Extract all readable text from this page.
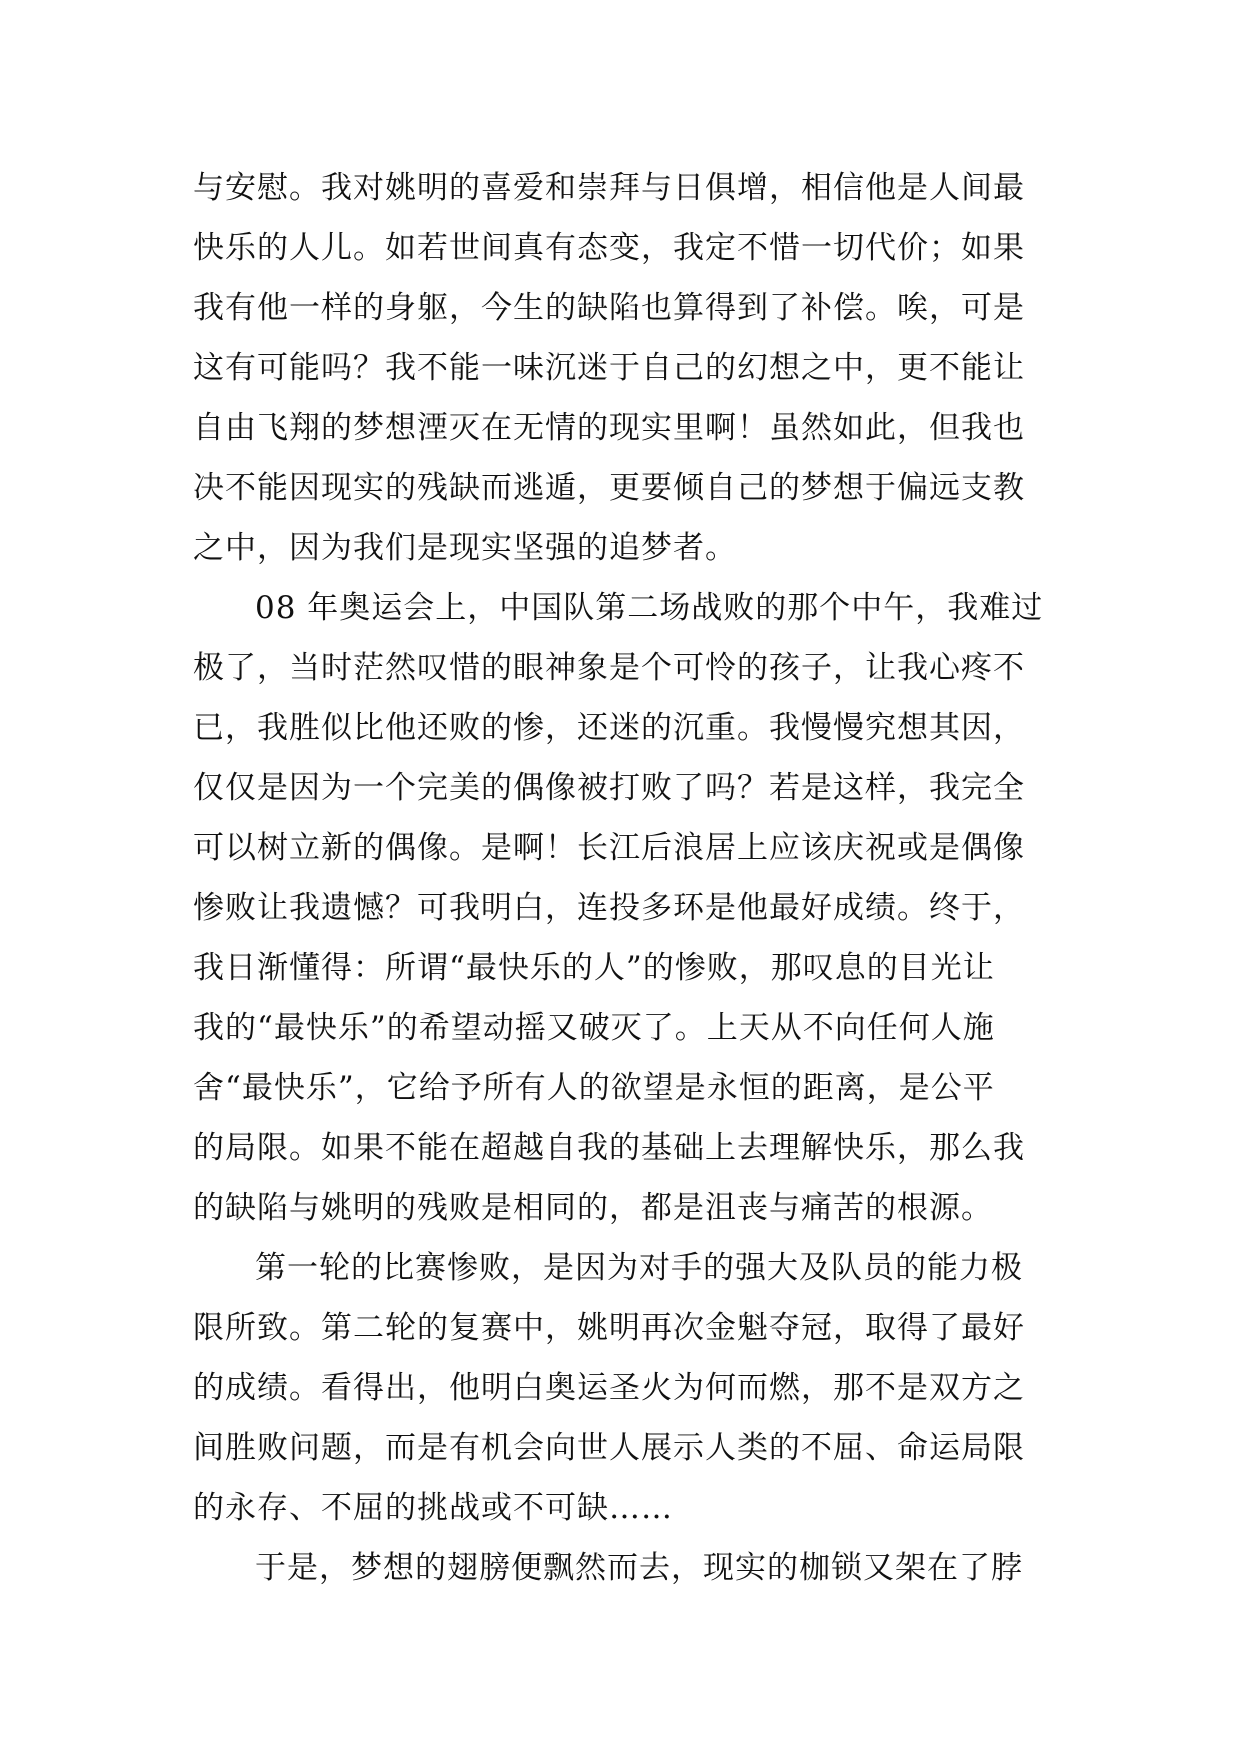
与安慰。我对姚明的喜爱和崇拜与日俱增，相信他是人间最
快乐的人儿。如若世间真有态变，我定不惜一切代价；如果
我有他一样的身躯，今生的缺陷也算得到了补偿。唉，可是
这有可能吗？我不能一味沉迷于自己的幻想之中，更不能让
自由飞翔的梦想湮灭在无情的现实里啊！虽然如此，但我也
决不能因现实的残缺而逃遁，更要倾自己的梦想于偏远支教
之中，因为我们是现实坚强的追梦者。
08 年奥运会上，中国队第二场战败的那个中午，我难过
极了，当时茫然叹惜的眼神象是个可怜的孩子，让我心疼不
已，我胜似比他还败的惨，还迷的沉重。我慢慢究想其因，
仅仅是因为一个完美的偶像被打败了吗？若是这样，我完全
可以树立新的偶像。是啊！长江后浪居上应该庆祝或是偶像
惨败让我遗憾？可我明白，连投多环是他最好成绩。终于，
我日渐懂得：所谓“最快乐的人”的惨败，那叹息的目光让
我的“最快乐”的希望动摇又破灭了。上天从不向任何人施
舍“最快乐”，它给予所有人的欲望是永恒的距离，是公平
的局限。如果不能在超越自我的基础上去理解快乐，那么我
的缺陷与姚明的残败是相同的，都是沮丧与痛苦的根源。
第一轮的比赛惨败，是因为对手的强大及队员的能力极
限所致。第二轮的复赛中，姚明再次金魁夺冠，取得了最好
的成绩。看得出，他明白奥运圣火为何而燃，那不是双方之
间胜败问题，而是有机会向世人展示人类的不屈、命运局限
的永存、不屈的挑战或不可缺……
于是，梦想的翅膀便飘然而去，现实的枷锁又架在了脖
